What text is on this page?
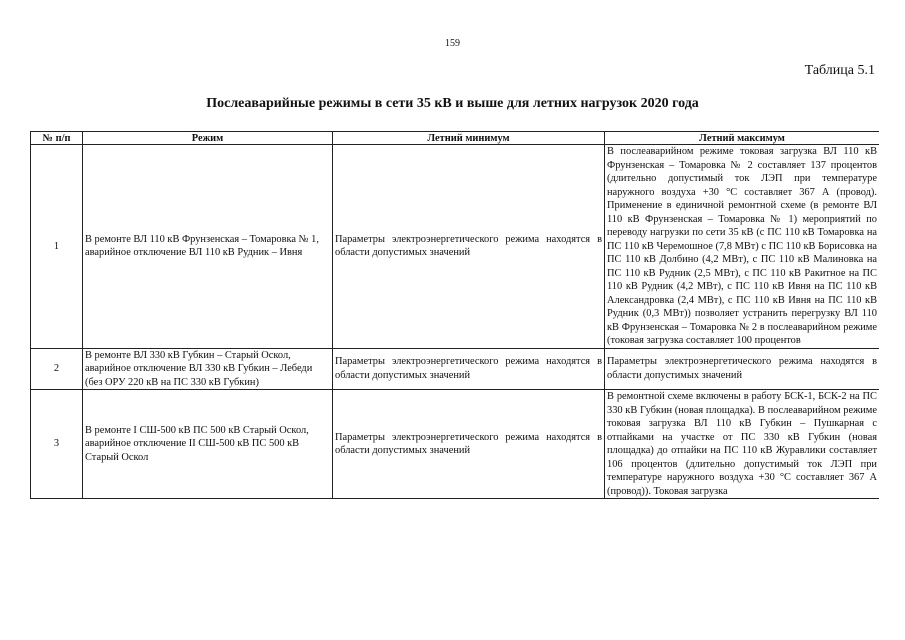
159
Таблица 5.1
Послеаварийные режимы в сети 35 кВ и выше для летних нагрузок 2020 года
№ п/п	Режим	Летний минимум	Летний максимум
1	В ремонте ВЛ 110 кВ Фрунзенская – Томаровка № 1, аварийное отключение ВЛ 110 кВ Рудник – Ивня	Параметры электроэнергетического режима находятся в области допустимых значений	В послеаварийном режиме токовая загрузка ВЛ 110 кВ Фрунзенская – Томаровка № 2 составляет 137 процентов (длительно допустимый ток ЛЭП при температуре наружного воздуха +30 °С составляет 367 А (провод). Применение в единичной ремонтной схеме (в ремонте ВЛ 110 кВ Фрунзенская – Томаровка № 1) мероприятий по переводу нагрузки по сети 35 кВ (с ПС 110 кВ Томаровка на ПС 110 кВ Черемошное (7,8 МВт) с ПС 110 кВ Борисовка на ПС 110 кВ Долбино (4,2 МВт), с ПС 110 кВ Малиновка на ПС 110 кВ Рудник (2,5 МВт), с ПС 110 кВ Ракитное на ПС 110 кВ Рудник (4,2 МВт), с ПС 110 кВ Ивня на ПС 110 кВ Александровка (2,4 МВт), с ПС 110 кВ Ивня на ПС 110 кВ Рудник (0,3 МВт)) позволяет устранить перегрузку ВЛ 110 кВ Фрунзенская – Томаровка № 2 в послеаварийном режиме (токовая загрузка составляет 100 процентов
2	В ремонте ВЛ 330 кВ Губкин – Старый Оскол, аварийное отключение ВЛ 330 кВ Губкин – Лебеди (без ОРУ 220 кВ на ПС 330 кВ Губкин)	Параметры электроэнергетического режима находятся в области допустимых значений	Параметры электроэнергетического режима находятся в области допустимых значений
3	В ремонте I СШ-500 кВ ПС 500 кВ Старый Оскол, аварийное отключение II СШ-500 кВ ПС 500 кВ Старый Оскол	Параметры электроэнергетического режима находятся в области допустимых значений	В ремонтной схеме включены в работу БСК-1, БСК-2 на ПС 330 кВ Губкин (новая площадка). В послеаварийном режиме токовая загрузка ВЛ 110 кВ Губкин – Пушкарная с отпайками на участке от ПС 330 кВ Губкин (новая площадка) до отпайки на ПС 110 кВ Журавлики составляет 106 процентов (длительно допустимый ток ЛЭП при температуре наружного воздуха +30 °С составляет 367 А (провод)). Токовая загрузка
